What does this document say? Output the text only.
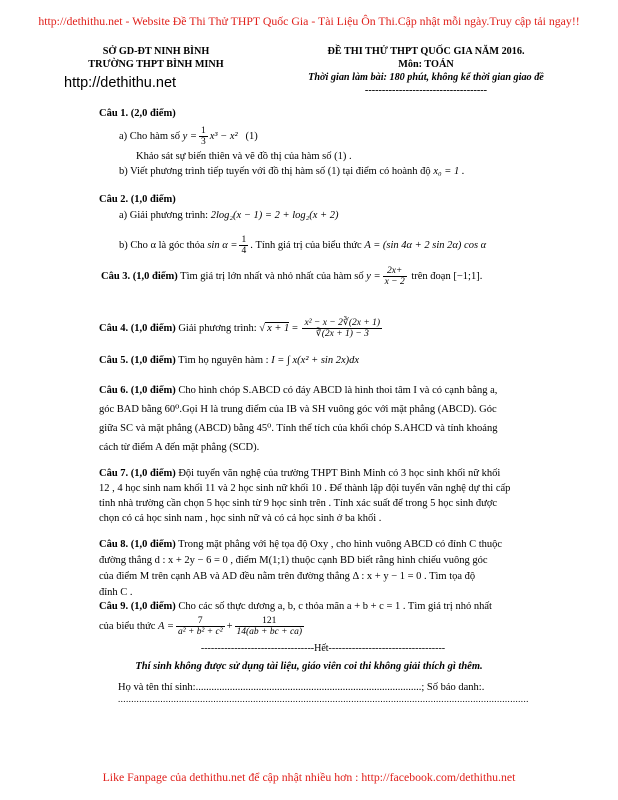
http://dethithu.net - Website Đề Thi Thử THPT Quốc Gia - Tài Liệu Ôn Thi.Cập nhật mỗi ngày.Truy cập tải ngay!!
SỞ GD-ĐT NINH BÌNH
TRƯỜNG THPT BÌNH MINH
http://dethithu.net
ĐỀ THI THỬ THPT QUỐC GIA NĂM 2016.
Môn: TOÁN
Thời gian làm bài: 180 phút, không kể thời gian giao đề
------------------------------------
Câu 1. (2,0 điểm)
a) Cho hàm số $y = \frac{1}{3} x^3 - x^2$ (1)
Khảo sát sự biến thiên và vẽ đồ thị của hàm số (1) .
b) Viết phương trình tiếp tuyến với đồ thị hàm số (1) tại điểm có hoành độ x₀ = 1 .
Câu 2. (1,0 điểm)
a) Giải phương trình: 2log₂(x − 1) = 2 + log₂(x + 2)
b) Cho α là góc thỏa $\sin \alpha = \frac{1}{4}$ . Tính giá trị của biểu thức A = (sin 4α + 2 sin 2α) cos α
Câu 3. (1,0 điểm) Tìm giá trị lớn nhất và nhỏ nhất của hàm số $y = \frac{2x+}{x - 2}$ trên đoạn [−1;1].
Câu 4. (1,0 điểm) Giải phương trình: √ $x + 1 = \frac{\text{x² − x − 2∛(2x + 1)}}{∛(2x + 1) - 3}$
Câu 5. (1,0 điểm) Tìm họ nguyên hàm : I = ∫ x(x² + sin 2x)dx
Câu 6. (1,0 điểm) Cho hình chóp S.ABCD có đáy ABCD là hình thoi tâm I và có cạnh bằng a,
góc BAD bằng 60⁰.Gọi H là trung điểm của IB và SH vuông góc với mặt phẳng (ABCD). Góc
giữa SC và mặt phẳng (ABCD) bằng 45⁰. Tính thể tích của khối chóp S.AHCD và tính khoảng
cách từ điểm A đến mặt phẳng (SCD).
Câu 7. (1,0 điểm) Đội tuyển văn nghệ của trường THPT Bình Minh có 3 học sinh khối nữ khối
12 , 4 học sinh nam khối 11 và 2 học sinh nữ khối 10 . Để thành lập đội tuyển văn nghệ dự thi cấp
tỉnh nhà trường cần chọn 5 học sinh từ 9 học sinh trên . Tính xác suất để trong 5 học sinh được
chọn có cả học sinh nam , học sinh nữ và có cả học sinh ở ba khối .
Câu 8. (1,0 điểm) Trong mặt phẳng với hệ tọa độ Oxy , cho hình vuông ABCD có đỉnh C thuộc
đường thẳng d : x + 2y − 6 = 0 , điểm M(1;1) thuộc cạnh BD biết rằng hình chiếu vuông góc
của điểm M trên cạnh AB và AD đều nằm trên đường thẳng Δ : x + y − 1 = 0 . Tìm tọa độ
đỉnh C .
Câu 9. (1,0 điểm) Cho các số thực dương a, b, c thỏa mãn a + b + c = 1 . Tìm giá trị nhỏ nhất
của biểu thức $A = \frac{7}{\text{a² + b² + c²}} + \frac{121}{14(ab + bc + ca)}$
----------------------------------Hết-----------------------------------
Thí sinh không được sử dụng tài liệu, giáo viên coi thi không giải thích gì thêm.
Họ và tên thí sinh:......................................................................................; Số báo danh:.
...........................................................................................................................................................
Like Fanpage của dethithu.net để cập nhật nhiều hơn : http://facebook.com/dethithu.net
